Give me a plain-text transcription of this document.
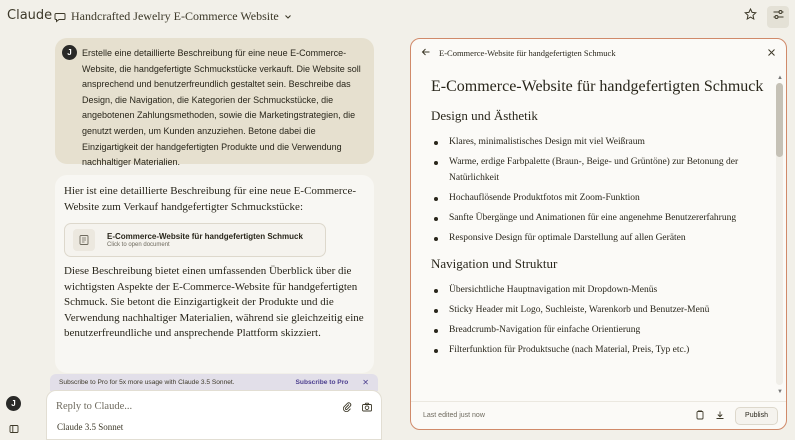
Claude Handcrafted Jewelry E-Commerce Website
J	Erstelle eine detaillierte Beschreibung für eine neue E-Commerce-Website, die handgefertigte Schmuckstücke verkauft. Die Website soll ansprechend und benutzerfreundlich gestaltet sein. Beschreibe das Design, die Navigation, die Kategorien der Schmuckstücke, die angebotenen Zahlungsmethoden, sowie die Marketingstrategien, die genutzt werden, um Kunden anzuziehen. Betone dabei die Einzigartigkeit der handgefertigten Produkte und die Verwendung nachhaltiger Materialien.
Hier ist eine detaillierte Beschreibung für eine neue E-Commerce-Website zum Verkauf handgefertigter Schmuckstücke:
E-Commerce-Website für handgefertigten Schmuck
Click to open document
Diese Beschreibung bietet einen umfassenden Überblick über die wichtigsten Aspekte der E-Commerce-Website für handgefertigten Schmuck. Sie betont die Einzigartigkeit der Produkte und die Verwendung nachhaltiger Materialien, während sie gleichzeitig eine benutzerfreundliche und ansprechende Plattform skizziert.
Subscribe to Pro for 5x more usage with Claude 3.5 Sonnet.	Subscribe to Pro ✕
Reply to Claude...
Claude 3.5 Sonnet
J
E-Commerce-Website für handgefertigten Schmuck
E-Commerce-Website für handgefertigten Schmuck
Design und Ästhetik
Klares, minimalistisches Design mit viel Weißraum
Warme, erdige Farbpalette (Braun-, Beige- und Grüntöne) zur Betonung der Natürlichkeit
Hochauflösende Produktfotos mit Zoom-Funktion
Sanfte Übergänge und Animationen für eine angenehme Benutzererfahrung
Responsive Design für optimale Darstellung auf allen Geräten
Navigation und Struktur
Übersichtliche Hauptnavigation mit Dropdown-Menüs
Sticky Header mit Logo, Suchleiste, Warenkorb und Benutzer-Menü
Breadcrumb-Navigation für einfache Orientierung
Filterfunktion für Produktsuche (nach Material, Preis, Typ etc.)
▲
▼
Last edited just now	Publish
